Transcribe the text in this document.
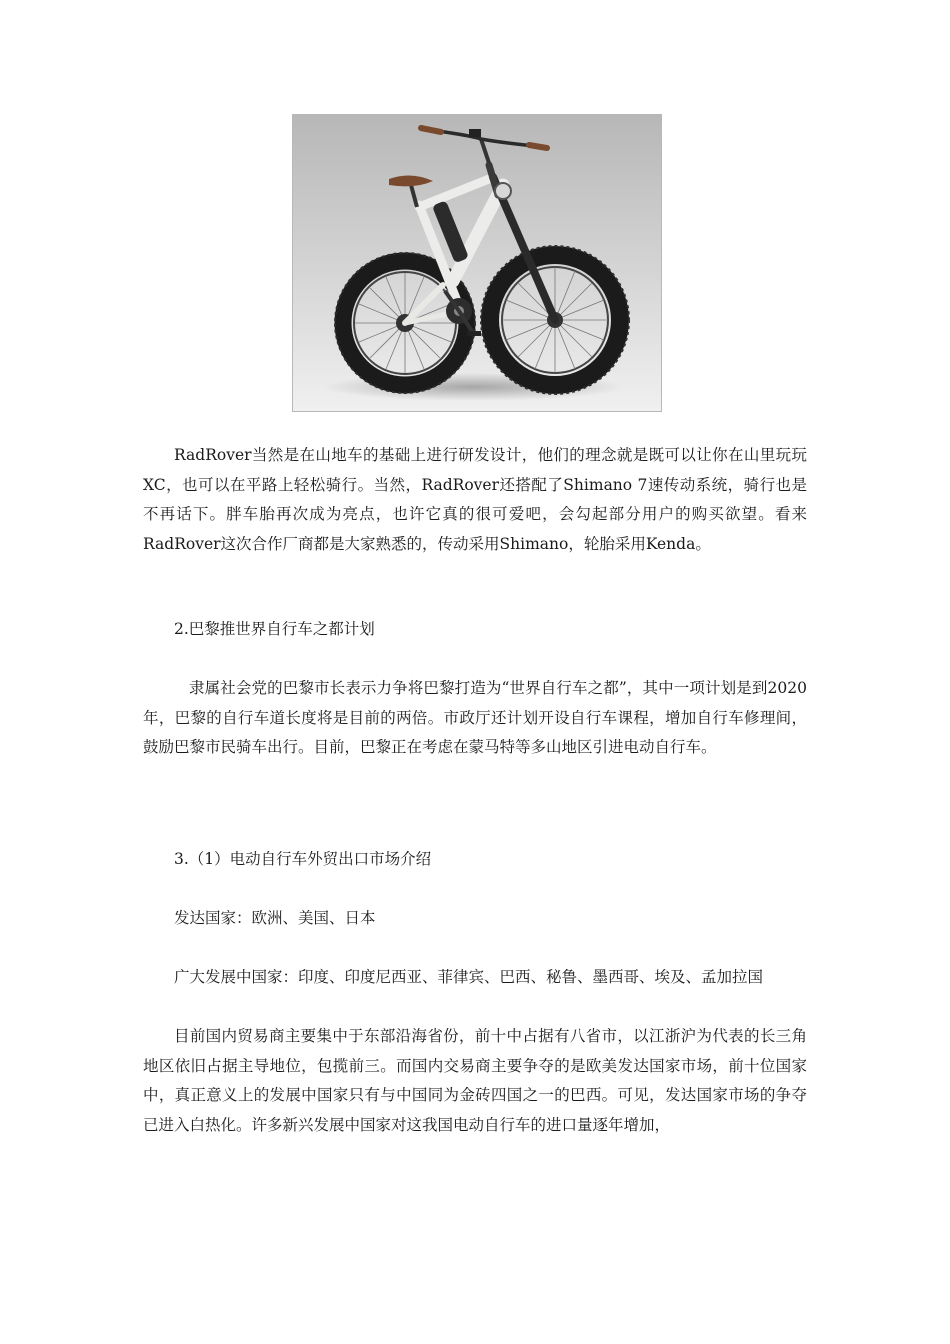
RadRover当然是在山地车的基础上进行研发设计，他们的理念就是既可以让你在山里玩玩XC，也可以在平路上轻松骑行。当然，RadRover还搭配了Shimano 7速传动系统，骑行也是不再话下。胖车胎再次成为亮点，也许它真的很可爱吧，会勾起部分用户的购买欲望。看来RadRover这次合作厂商都是大家熟悉的，传动采用Shimano，轮胎采用Kenda。

2.巴黎推世界自行车之都计划

隶属社会党的巴黎市长表示力争将巴黎打造为“世界自行车之都”，其中一项计划是到2020年，巴黎的自行车道长度将是目前的两倍。市政厅还计划开设自行车课程，增加自行车修理间，鼓励巴黎市民骑车出行。目前，巴黎正在考虑在蒙马特等多山地区引进电动自行车。

3.（1）电动自行车外贸出口市场介绍

发达国家：欧洲、美国、日本

广大发展中国家：印度、印度尼西亚、菲律宾、巴西、秘鲁、墨西哥、埃及、孟加拉国

目前国内贸易商主要集中于东部沿海省份，前十中占据有八省市，以江浙沪为代表的长三角地区依旧占据主导地位，包揽前三。而国内交易商主要争夺的是欧美发达国家市场，前十位国家中，真正意义上的发展中国家只有与中国同为金砖四国之一的巴西。可见，发达国家市场的争夺已进入白热化。许多新兴发展中国家对这我国电动自行车的进口量逐年增加，
